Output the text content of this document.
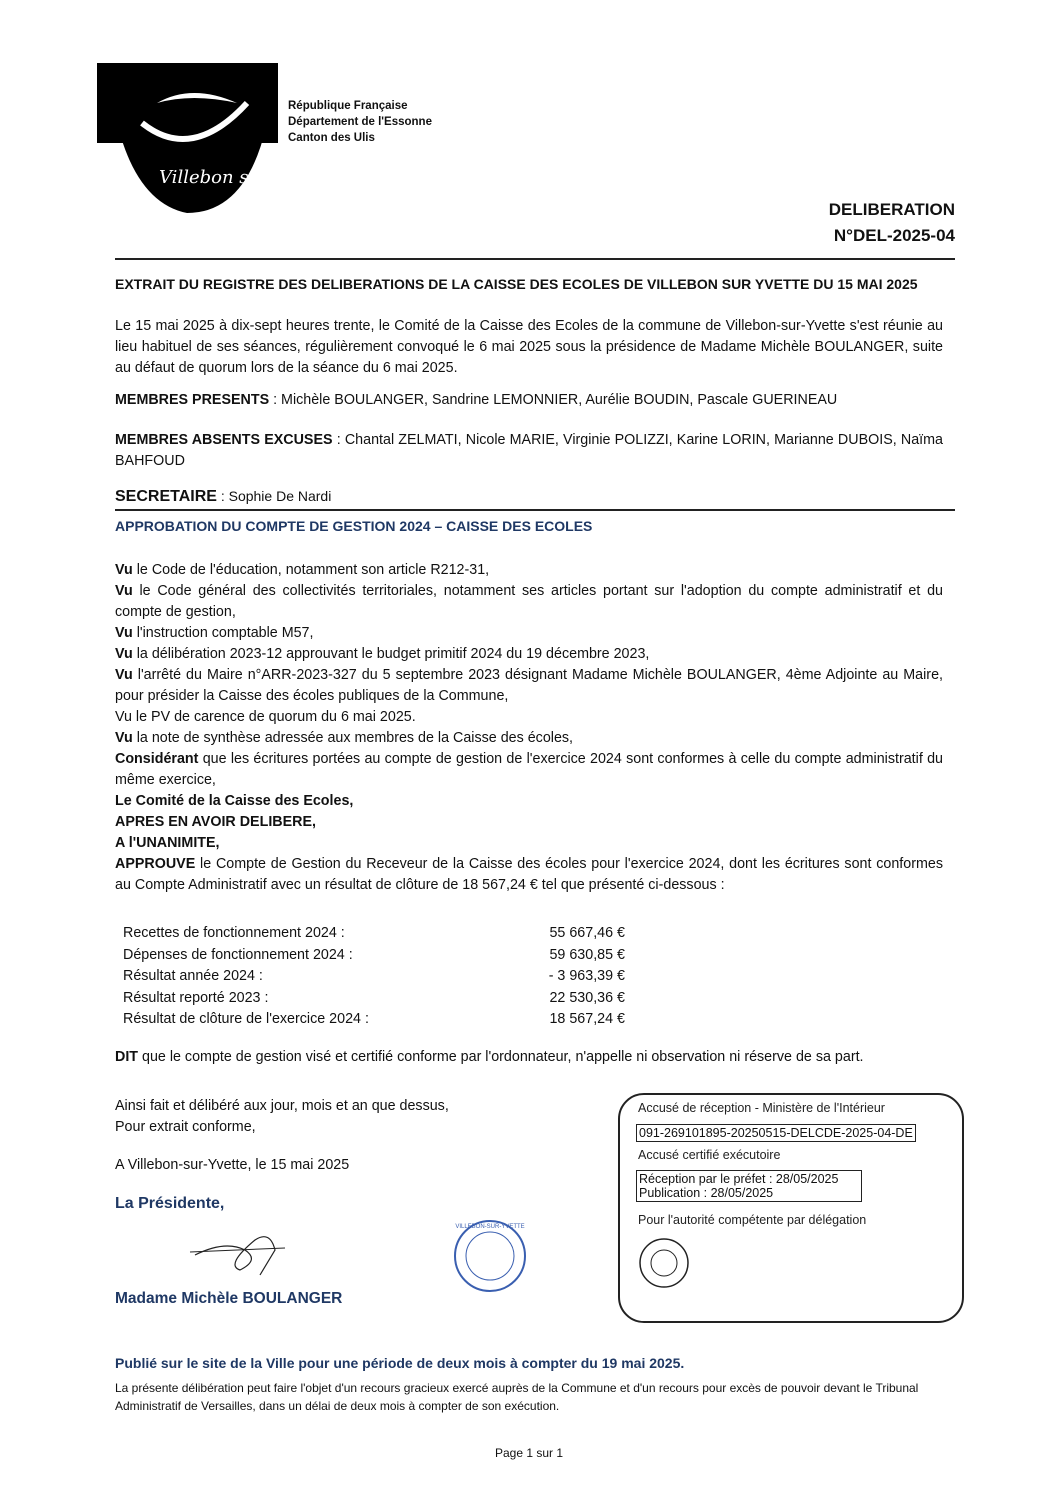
Villebon sur Yvette
République Française
Département de l'Essonne
Canton des Ulis
DELIBERATION
N°DEL-2025-04
EXTRAIT DU REGISTRE DES DELIBERATIONS DE LA CAISSE DES ECOLES DE VILLEBON SUR YVETTE DU 15 MAI 2025
Le 15 mai 2025 à dix-sept heures trente, le Comité de la Caisse des Ecoles de la commune de Villebon-sur-Yvette s'est réunie au lieu habituel de ses séances, régulièrement convoqué le 6 mai 2025 sous la présidence de Madame Michèle BOULANGER, suite au défaut de quorum lors de la séance du 6 mai 2025.
MEMBRES PRESENTS : Michèle BOULANGER, Sandrine LEMONNIER, Aurélie BOUDIN, Pascale GUERINEAU
MEMBRES ABSENTS EXCUSES : Chantal ZELMATI, Nicole MARIE, Virginie POLIZZI, Karine LORIN, Marianne DUBOIS, Naïma BAHFOUD
SECRETAIRE : Sophie De Nardi
APPROBATION DU COMPTE DE GESTION 2024 – CAISSE DES ECOLES
Vu le Code de l'éducation, notamment son article R212-31,
Vu le Code général des collectivités territoriales, notamment ses articles portant sur l'adoption du compte administratif et du compte de gestion,
Vu l'instruction comptable M57,
Vu la délibération 2023-12 approuvant le budget primitif 2024 du 19 décembre 2023,
Vu l'arrêté du Maire n°ARR-2023-327 du 5 septembre 2023 désignant Madame Michèle BOULANGER, 4ème Adjointe au Maire, pour présider la Caisse des écoles publiques de la Commune,
Vu le PV de carence de quorum du 6 mai 2025.
Vu la note de synthèse adressée aux membres de la Caisse des écoles,
Considérant que les écritures portées au compte de gestion de l'exercice 2024 sont conformes à celle du compte administratif du même exercice,
Le Comité de la Caisse des Ecoles,
APRES EN AVOIR DELIBERE,
A l'UNANIMITE,
APPROUVE le Compte de Gestion du Receveur de la Caisse des écoles pour l'exercice 2024, dont les écritures sont conformes au Compte Administratif avec un résultat de clôture de 18 567,24 € tel que présenté ci-dessous :
Recettes de fonctionnement 2024 :	55 667,46 €
Dépenses de fonctionnement 2024 :	59 630,85 €
Résultat année 2024 :	- 3 963,39 €
Résultat reporté 2023 :	22 530,36 €
Résultat de clôture de l'exercice 2024 :	18 567,24 €
DIT que le compte de gestion visé et certifié conforme par l'ordonnateur, n'appelle ni observation ni réserve de sa part.
Ainsi fait et délibéré aux jour, mois et an que dessus,
Pour extrait conforme,
A Villebon-sur-Yvette, le 15 mai 2025
La Présidente,
VILLEBON-SUR-YVETTE
Madame Michèle BOULANGER
Accusé de réception - Ministère de l'Intérieur
091-269101895-20250515-DELCDE-2025-04-DE
Accusé certifié exécutoire
Réception par le préfet : 28/05/2025
Publication : 28/05/2025
Pour l'autorité compétente par délégation
Publié sur le site de la Ville pour une période de deux mois à compter du 19 mai 2025.
La présente délibération peut faire l'objet d'un recours gracieux exercé auprès de la Commune et d'un recours pour excès de pouvoir devant le Tribunal Administratif de Versailles, dans un délai de deux mois à compter de son exécution.
Page 1 sur 1
